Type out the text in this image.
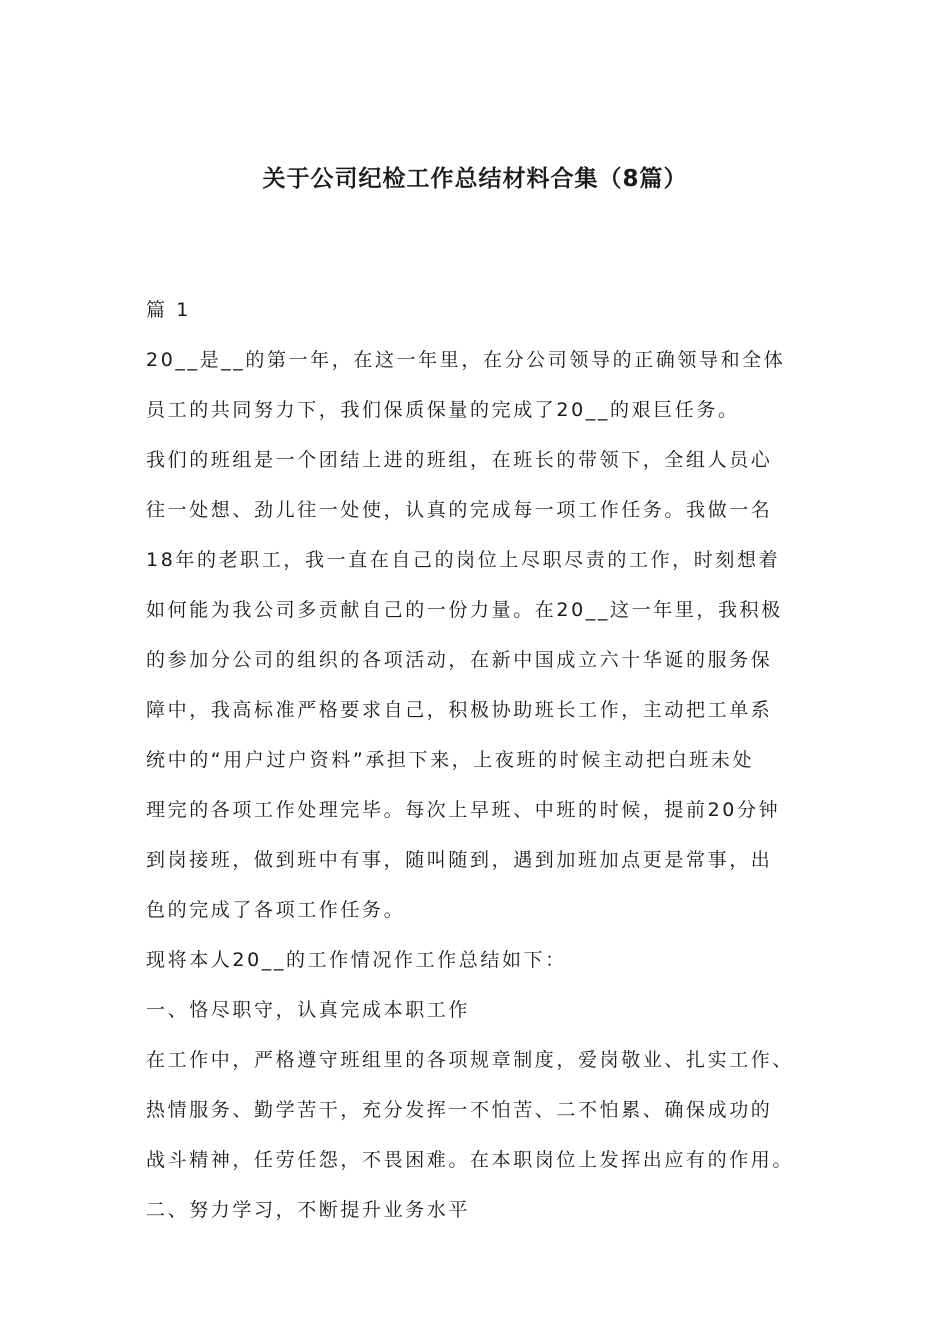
关于公司纪检工作总结材料合集（8篇）

篇 1

20__是__的第一年，在这一年里，在分公司领导的正确领导和全体

员工的共同努力下，我们保质保量的完成了20__的艰巨任务。

我们的班组是一个团结上进的班组，在班长的带领下，全组人员心

往一处想、劲儿往一处使，认真的完成每一项工作任务。我做一名

18年的老职工，我一直在自己的岗位上尽职尽责的工作，时刻想着

如何能为我公司多贡献自己的一份力量。在20__这一年里，我积极

的参加分公司的组织的各项活动，在新中国成立六十华诞的服务保

障中，我高标准严格要求自己，积极协助班长工作，主动把工单系

统中的“用户过户资料”承担下来，上夜班的时候主动把白班未处

理完的各项工作处理完毕。每次上早班、中班的时候，提前20分钟

到岗接班，做到班中有事，随叫随到，遇到加班加点更是常事，出

色的完成了各项工作任务。

现将本人20__的工作情况作工作总结如下：

一、恪尽职守，认真完成本职工作

在工作中，严格遵守班组里的各项规章制度，爱岗敬业、扎实工作、

热情服务、勤学苦干，充分发挥一不怕苦、二不怕累、确保成功的

战斗精神，任劳任怨，不畏困难。在本职岗位上发挥出应有的作用。

二、努力学习，不断提升业务水平
